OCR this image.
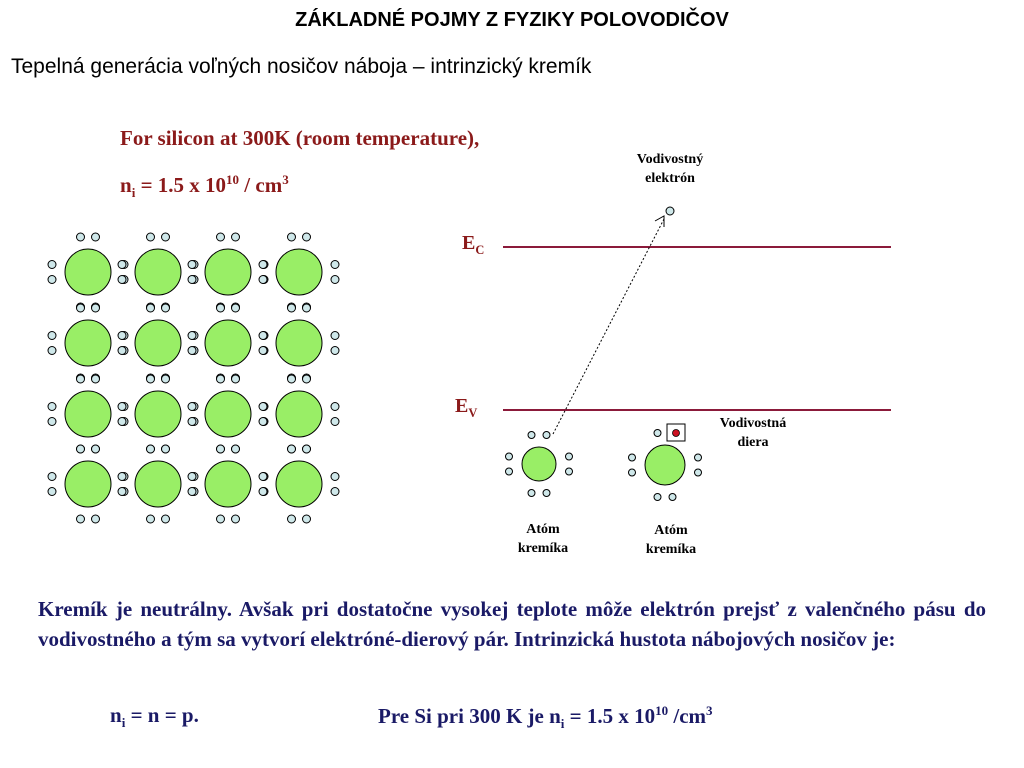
ZÁKLADNÉ POJMY Z FYZIKY POLOVODIČOV
Tepelná generácia voľných nosičov náboja – intrinzický kremík
For silicon at 300K (room temperature),
$n_i = 1.5$ x $10^{10} / cm^3$
$E_C$
$E_V$
Vodivostný
elektrón
Vodivostná
diera
Atóm
kremíka
Atóm
kremíka
Kremík je neutrálny. Avšak pri dostatočne vysokej teplote môže elektrón prejsť z valenčného pásu do vodivostného a tým sa vytvorí elektróné-dierový pár. Intrinzická hustota nábojových nosičov je:
$n_i = n = p$.	Pre Si pri 300 K je $n_i = 1.5$ x $10^{10}$ $/cm^3$
